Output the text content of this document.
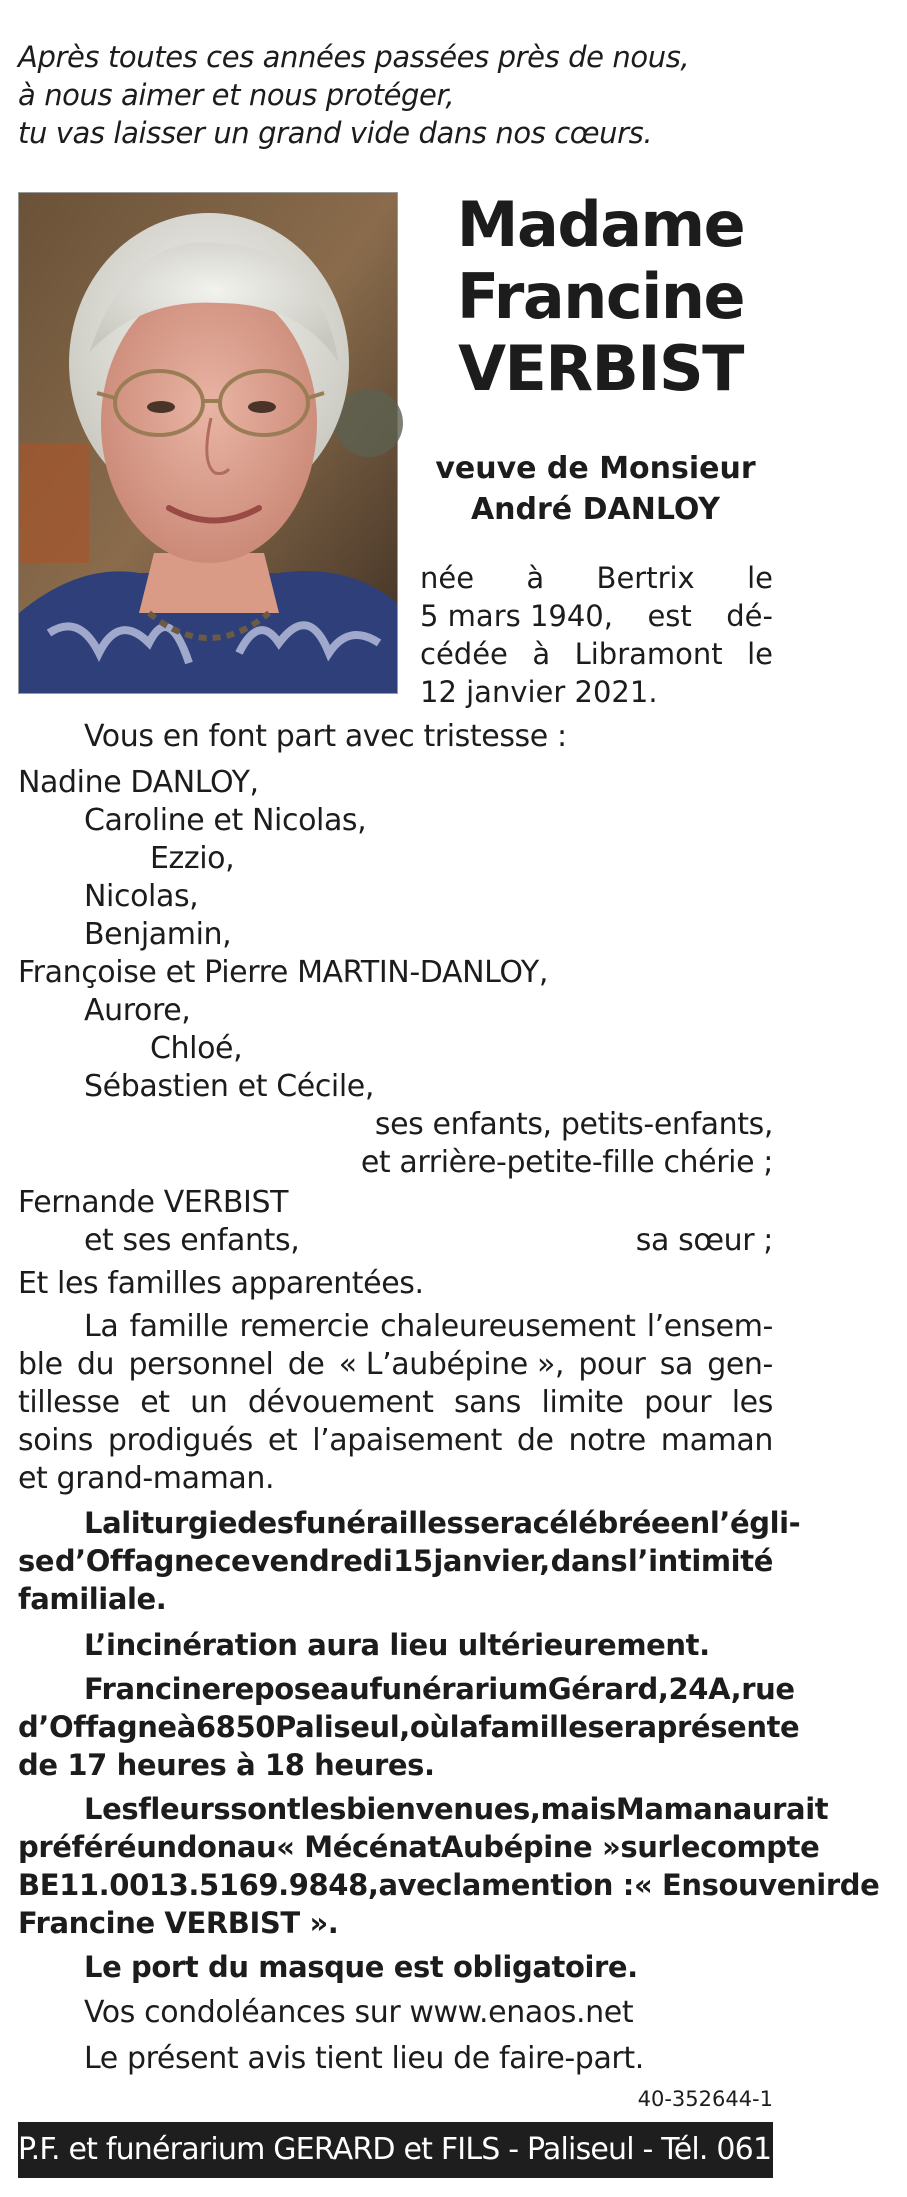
Après toutes ces années passées près de nous,
à nous aimer et nous protéger,
tu vas laisser un grand vide dans nos cœurs.
Madame
Francine
VERBIST
veuve de Monsieur
André DANLOY
née à Bertrix le
5 mars 1940, est dé-
cédée à Libramont le
12 janvier 2021.
Vous en font part avec tristesse :
Nadine DANLOY,
Caroline et Nicolas,
Ezzio,
Nicolas,
Benjamin,
Françoise et Pierre MARTIN-DANLOY,
Aurore,
Chloé,
Sébastien et Cécile,
ses enfants, petits-enfants,
et arrière-petite-fille chérie ;
Fernande VERBIST
et ses enfants,	sa sœur ;
Et les familles apparentées.
La famille remercie chaleureusement l’ensem-
ble du personnel de « L’aubépine », pour sa gen-
tillesse et un dévouement sans limite pour les
soins prodigués et l’apaisement de notre maman
et grand-maman.
La liturgie des funérailles sera célébrée en l’égli-
se d’Offagne ce vendredi 15 janvier, dans l’intimité
familiale.
L’incinération aura lieu ultérieurement.
Francine repose au funérarium Gérard, 24A, rue
d’Offagne à 6850 Paliseul, où la famille sera présente
de 17 heures à 18 heures.
Les fleurs sont les bienvenues, mais Maman aurait
préféré un don au « Mécénat Aubépine » sur le compte
BE11.0013.5169.9848, avec la mention : « En souvenir de
Francine VERBIST ».
Le port du masque est obligatoire.
Vos condoléances sur www.enaos.net
Le présent avis tient lieu de faire-part.
40-352644-1
P.F. et funérarium GERARD et FILS - Paliseul - Tél. 061 53 32 84
